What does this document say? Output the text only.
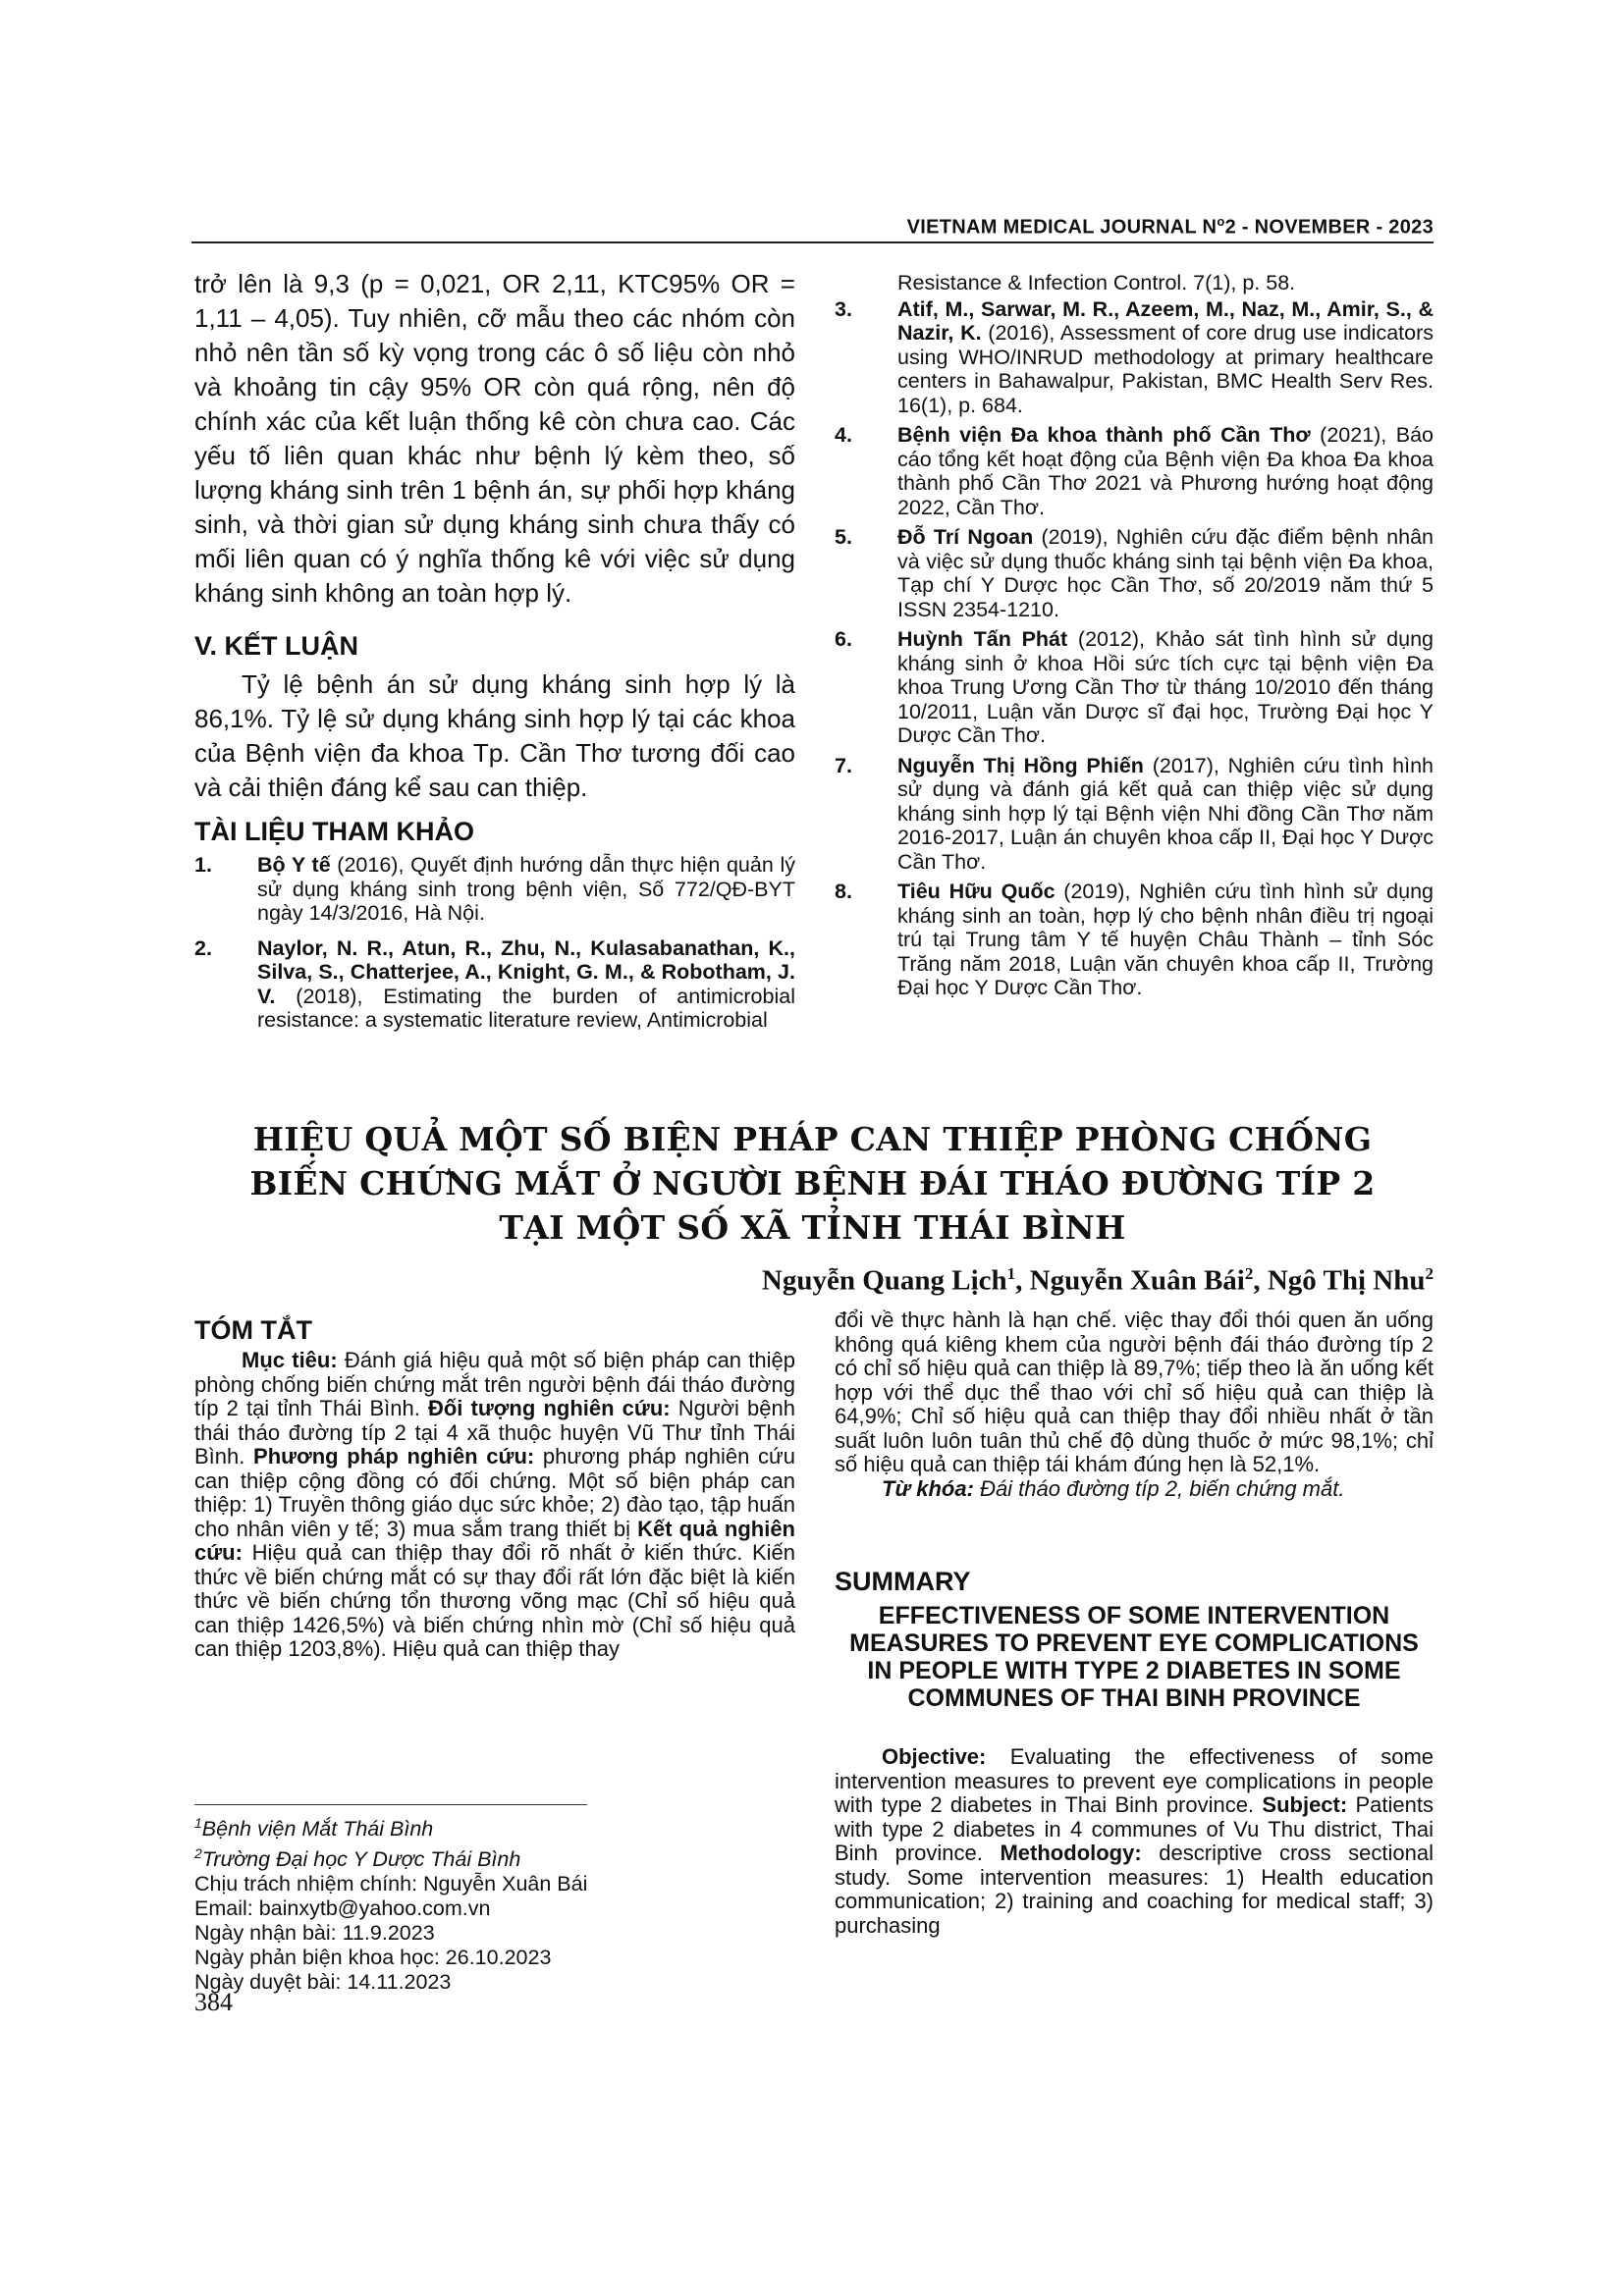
VIETNAM MEDICAL JOURNAL $N^o2$ - NOVEMBER - 2023
trở lên là 9,3 (p = 0,021, OR 2,11, KTC95% OR = 1,11 – 4,05). Tuy nhiên, cỡ mẫu theo các nhóm còn nhỏ nên tần số kỳ vọng trong các ô số liệu còn nhỏ và khoảng tin cậy 95% OR còn quá rộng, nên độ chính xác của kết luận thống kê còn chưa cao. Các yếu tố liên quan khác như bệnh lý kèm theo, số lượng kháng sinh trên 1 bệnh án, sự phối hợp kháng sinh, và thời gian sử dụng kháng sinh chưa thấy có mối liên quan có ý nghĩa thống kê với việc sử dụng kháng sinh không an toàn hợp lý.
V. KẾT LUẬN
Tỷ lệ bệnh án sử dụng kháng sinh hợp lý là 86,1%. Tỷ lệ sử dụng kháng sinh hợp lý tại các khoa của Bệnh viện đa khoa Tp. Cần Thơ tương đối cao và cải thiện đáng kể sau can thiệp.
TÀI LIỆU THAM KHẢO
1. Bộ Y tế (2016), Quyết định hướng dẫn thực hiện quản lý sử dụng kháng sinh trong bệnh viện, Số 772/QĐ-BYT ngày 14/3/2016, Hà Nội.
2. Naylor, N. R., Atun, R., Zhu, N., Kulasabanathan, K., Silva, S., Chatterjee, A., Knight, G. M., & Robotham, J. V. (2018), Estimating the burden of antimicrobial resistance: a systematic literature review, Antimicrobial
Resistance & Infection Control. 7(1), p. 58.
3. Atif, M., Sarwar, M. R., Azeem, M., Naz, M., Amir, S., & Nazir, K. (2016), Assessment of core drug use indicators using WHO/INRUD methodology at primary healthcare centers in Bahawalpur, Pakistan, BMC Health Serv Res. 16(1), p. 684.
4. Bệnh viện Đa khoa thành phố Cần Thơ (2021), Báo cáo tổng kết hoạt động của Bệnh viện Đa khoa Đa khoa thành phố Cần Thơ 2021 và Phương hướng hoạt động 2022, Cần Thơ.
5. Đỗ Trí Ngoan (2019), Nghiên cứu đặc điểm bệnh nhân và việc sử dụng thuốc kháng sinh tại bệnh viện Đa khoa, Tạp chí Y Dược học Cần Thơ, số 20/2019 năm thứ 5 ISSN 2354-1210.
6. Huỳnh Tấn Phát (2012), Khảo sát tình hình sử dụng kháng sinh ở khoa Hồi sức tích cực tại bệnh viện Đa khoa Trung Ương Cần Thơ từ tháng 10/2010 đến tháng 10/2011, Luận văn Dược sĩ đại học, Trường Đại học Y Dược Cần Thơ.
7. Nguyễn Thị Hồng Phiến (2017), Nghiên cứu tình hình sử dụng và đánh giá kết quả can thiệp việc sử dụng kháng sinh hợp lý tại Bệnh viện Nhi đồng Cần Thơ năm 2016-2017, Luận án chuyên khoa cấp II, Đại học Y Dược Cần Thơ.
8. Tiêu Hữu Quốc (2019), Nghiên cứu tình hình sử dụng kháng sinh an toàn, hợp lý cho bệnh nhân điều trị ngoại trú tại Trung tâm Y tế huyện Châu Thành – tỉnh Sóc Trăng năm 2018, Luận văn chuyên khoa cấp II, Trường Đại học Y Dược Cần Thơ.
HIỆU QUẢ MỘT SỐ BIỆN PHÁP CAN THIỆP PHÒNG CHỐNG
BIẾN CHỨNG MẮT Ở NGƯỜI BỆNH ĐÁI THÁO ĐƯỜNG TÍP 2
TẠI MỘT SỐ XÃ TỈNH THÁI BÌNH
Nguyễn Quang Lịch$^1$, Nguyễn Xuân Bái$^2$, Ngô Thị Nhu$^2$
TÓM TẮT
Mục tiêu: Đánh giá hiệu quả một số biện pháp can thiệp phòng chống biến chứng mắt trên người bệnh đái tháo đường típ 2 tại tỉnh Thái Bình. Đối tượng nghiên cứu: Người bệnh thái tháo đường típ 2 tại 4 xã thuộc huyện Vũ Thư tỉnh Thái Bình. Phương pháp nghiên cứu: phương pháp nghiên cứu can thiệp cộng đồng có đối chứng. Một số biện pháp can thiệp: 1) Truyền thông giáo dục sức khỏe; 2) đào tạo, tập huấn cho nhân viên y tế; 3) mua sắm trang thiết bị Kết quả nghiên cứu: Hiệu quả can thiệp thay đổi rõ nhất ở kiến thức. Kiến thức về biến chứng mắt có sự thay đổi rất lớn đặc biệt là kiến thức về biến chứng tổn thương võng mạc (Chỉ số hiệu quả can thiệp 1426,5%) và biến chứng nhìn mờ (Chỉ số hiệu quả can thiệp 1203,8%). Hiệu quả can thiệp thay
đổi về thực hành là hạn chế. việc thay đổi thói quen ăn uống không quá kiêng khem của người bệnh đái tháo đường típ 2 có chỉ số hiệu quả can thiệp là 89,7%; tiếp theo là ăn uống kết hợp với thể dục thể thao với chỉ số hiệu quả can thiệp là 64,9%; Chỉ số hiệu quả can thiệp thay đổi nhiều nhất ở tần suất luôn luôn tuân thủ chế độ dùng thuốc ở mức 98,1%; chỉ số hiệu quả can thiệp tái khám đúng hẹn là 52,1%.
Từ khóa: Đái tháo đường típ 2, biến chứng mắt.
SUMMARY
EFFECTIVENESS OF SOME INTERVENTION MEASURES TO PREVENT EYE COMPLICATIONS IN PEOPLE WITH TYPE 2 DIABETES IN SOME COMMUNES OF THAI BINH PROVINCE
Objective: Evaluating the effectiveness of some intervention measures to prevent eye complications in people with type 2 diabetes in Thai Binh province. Subject: Patients with type 2 diabetes in 4 communes of Vu Thu district, Thai Binh province. Methodology: descriptive cross sectional study. Some intervention measures: 1) Health education communication; 2) training and coaching for medical staff; 3) purchasing
$^1$Bệnh viện Mắt Thái Bình
$^2$Trường Đại học Y Dược Thái Bình
Chịu trách nhiệm chính: Nguyễn Xuân Bái
Email: bainxytb@yahoo.com.vn
Ngày nhận bài: 11.9.2023
Ngày phản biện khoa học: 26.10.2023
Ngày duyệt bài: 14.11.2023
384
